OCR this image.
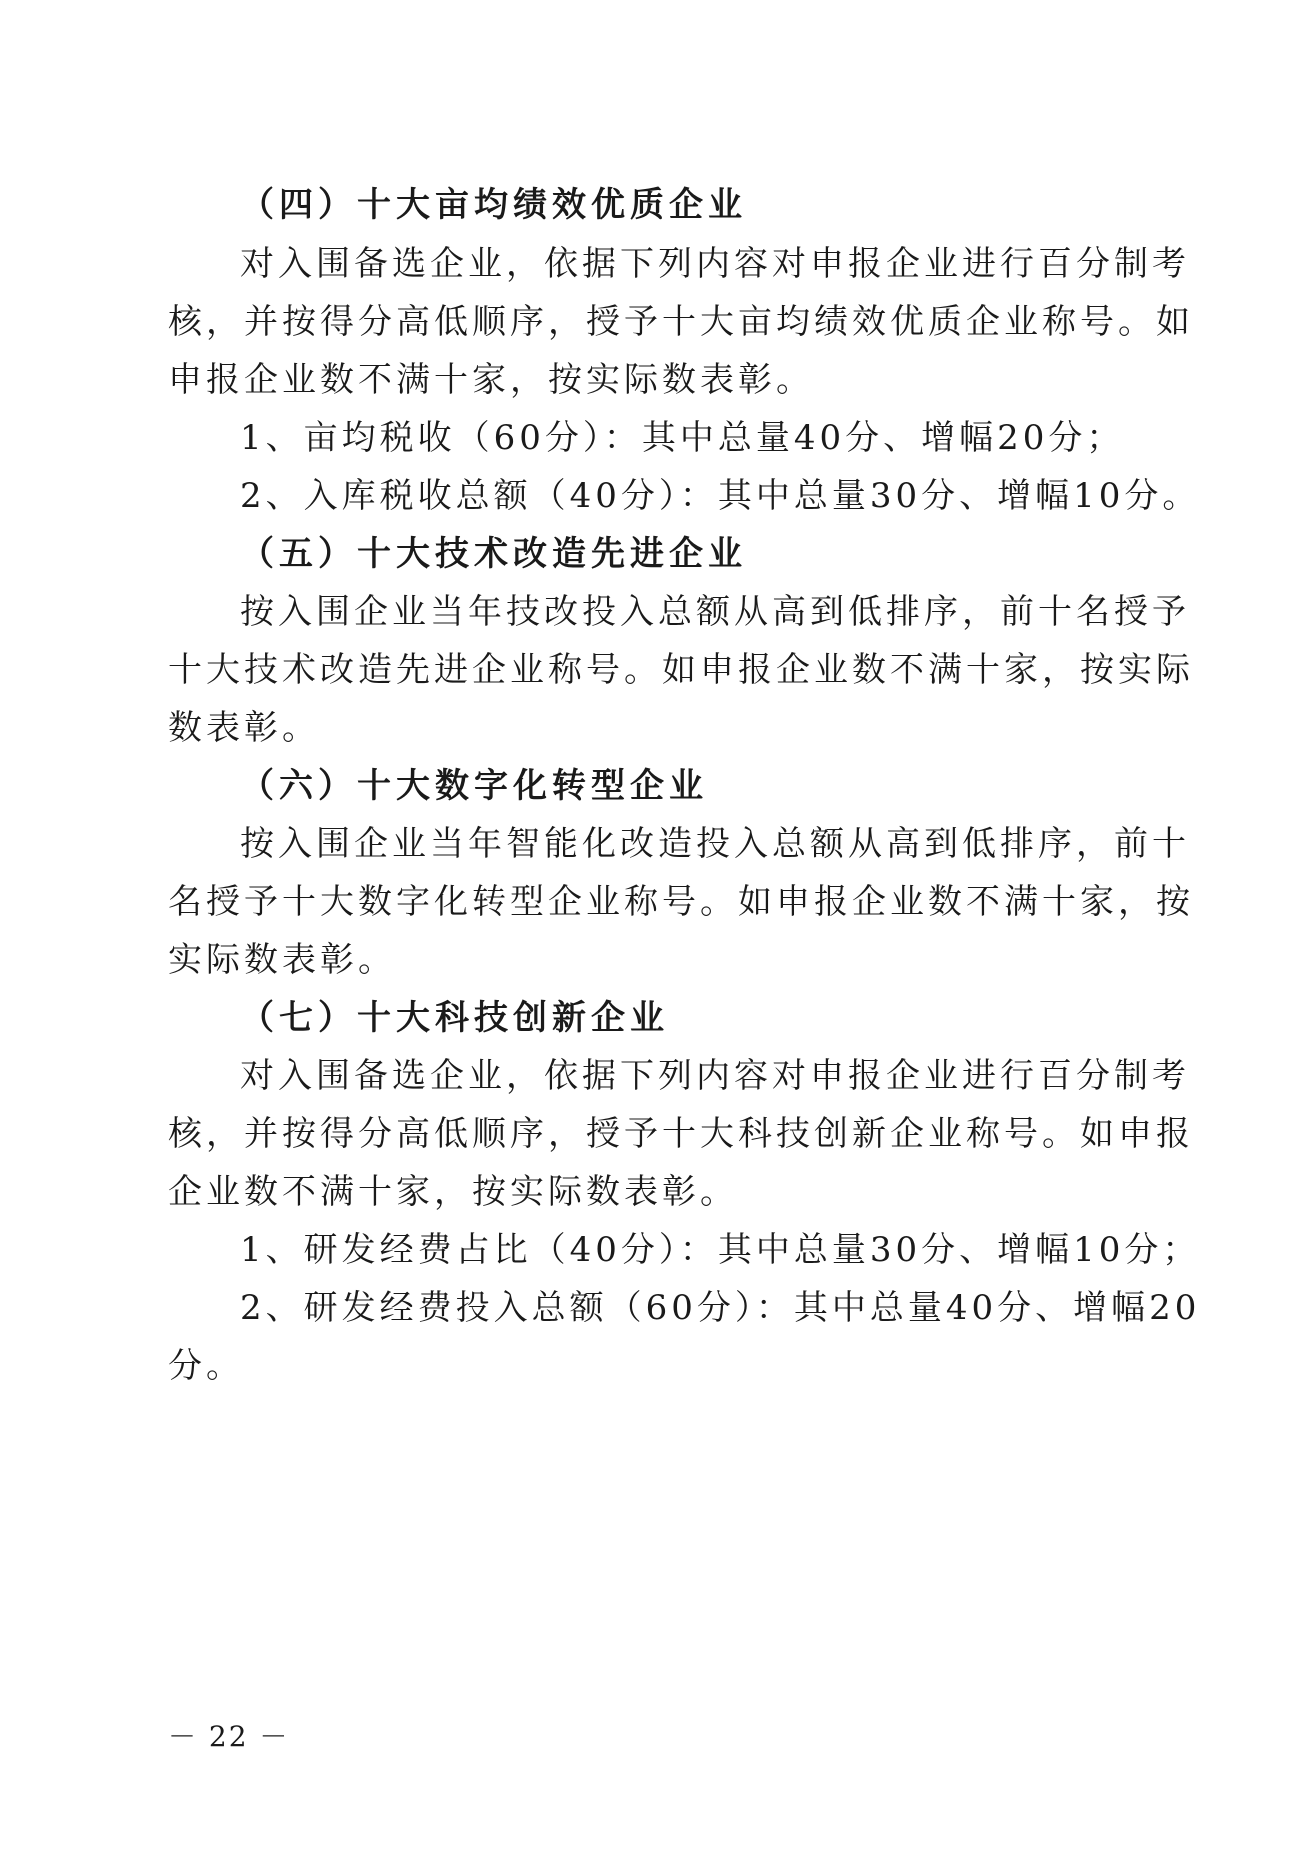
（四）十大亩均绩效优质企业
对入围备选企业，依据下列内容对申报企业进行百分制考
核，并按得分高低顺序，授予十大亩均绩效优质企业称号。如
申报企业数不满十家，按实际数表彰。
1、亩均税收（60分）：其中总量40分、增幅20分；
2、入库税收总额（40分）：其中总量30分、增幅10分。
（五）十大技术改造先进企业
按入围企业当年技改投入总额从高到低排序，前十名授予
十大技术改造先进企业称号。如申报企业数不满十家，按实际
数表彰。
（六）十大数字化转型企业
按入围企业当年智能化改造投入总额从高到低排序，前十
名授予十大数字化转型企业称号。如申报企业数不满十家，按
实际数表彰。
（七）十大科技创新企业
对入围备选企业，依据下列内容对申报企业进行百分制考
核，并按得分高低顺序，授予十大科技创新企业称号。如申报
企业数不满十家，按实际数表彰。
1、研发经费占比（40分）：其中总量30分、增幅10分；
2、研发经费投入总额（60分）：其中总量40分、增幅20
分。
－ 22 －
